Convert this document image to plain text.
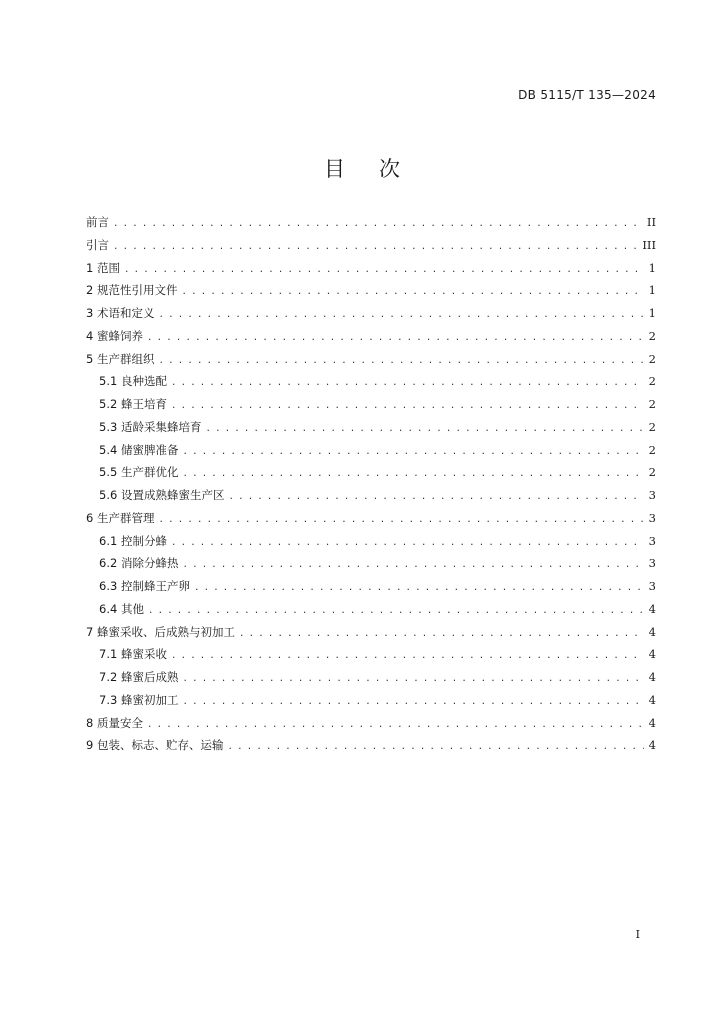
DB 5115/T 135—2024
目 次
前言 .....	II
引言 .....	III
1 范围 .....	1
2 规范性引用文件 .....	1
3 术语和定义 .....	1
4 蜜蜂饲养 .....	2
5 生产群组织 .....	2
5.1 良种选配 .....	2
5.2 蜂王培育 .....	2
5.3 适龄采集蜂培育 .....	2
5.4 储蜜脾准备 .....	2
5.5 生产群优化 .....	2
5.6 设置成熟蜂蜜生产区 .....	3
6 生产群管理 .....	3
6.1 控制分蜂 .....	3
6.2 消除分蜂热 .....	3
6.3 控制蜂王产卵 .....	3
6.4 其他 .....	4
7 蜂蜜采收、后成熟与初加工 .....	4
7.1 蜂蜜采收 .....	4
7.2 蜂蜜后成熟 .....	4
7.3 蜂蜜初加工 .....	4
8 质量安全 .....	4
9 包装、标志、贮存、运输 .....	4
I
